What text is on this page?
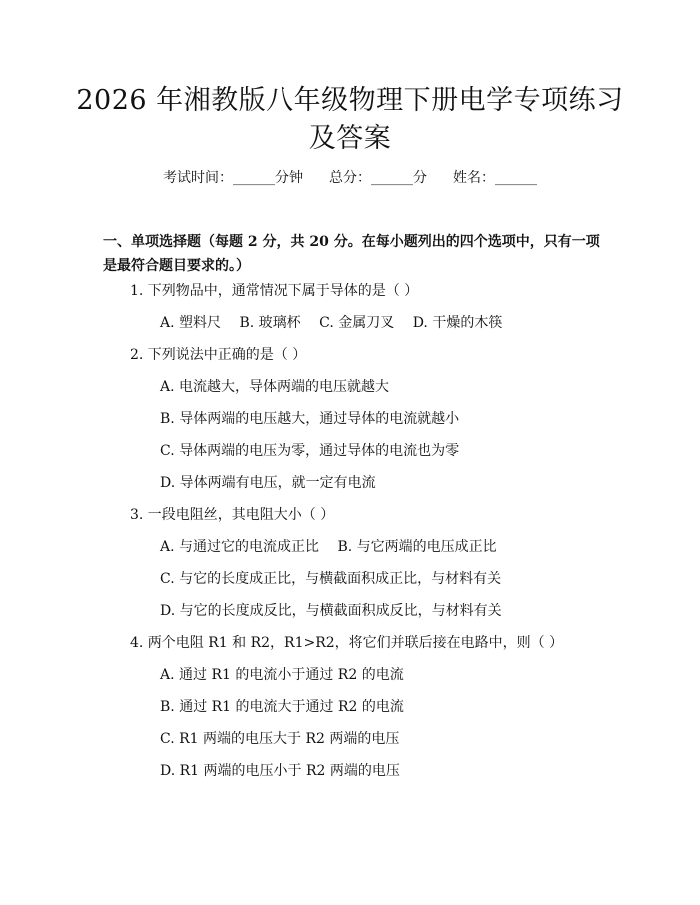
2026 年湘教版八年级物理下册电学专项练习
及答案
考试时间：______分钟 总分：______分 姓名：______
一、单项选择题（每题 2 分，共 20 分。在每小题列出的四个选项中，只有一项是最符合题目要求的。）
1. 下列物品中，通常情况下属于导体的是（ ）
A. 塑料尺 B. 玻璃杯 C. 金属刀叉 D. 干燥的木筷
2. 下列说法中正确的是（ ）
A. 电流越大，导体两端的电压就越大
B. 导体两端的电压越大，通过导体的电流就越小
C. 导体两端的电压为零，通过导体的电流也为零
D. 导体两端有电压，就一定有电流
3. 一段电阻丝，其电阻大小（ ）
A. 与通过它的电流成正比 B. 与它两端的电压成正比
C. 与它的长度成正比，与横截面积成正比，与材料有关
D. 与它的长度成反比，与横截面积成反比，与材料有关
4. 两个电阻 R1 和 R2，R1>R2，将它们并联后接在电路中，则（ ）
A. 通过 R1 的电流小于通过 R2 的电流
B. 通过 R1 的电流大于通过 R2 的电流
C. R1 两端的电压大于 R2 两端的电压
D. R1 两端的电压小于 R2 两端的电压
